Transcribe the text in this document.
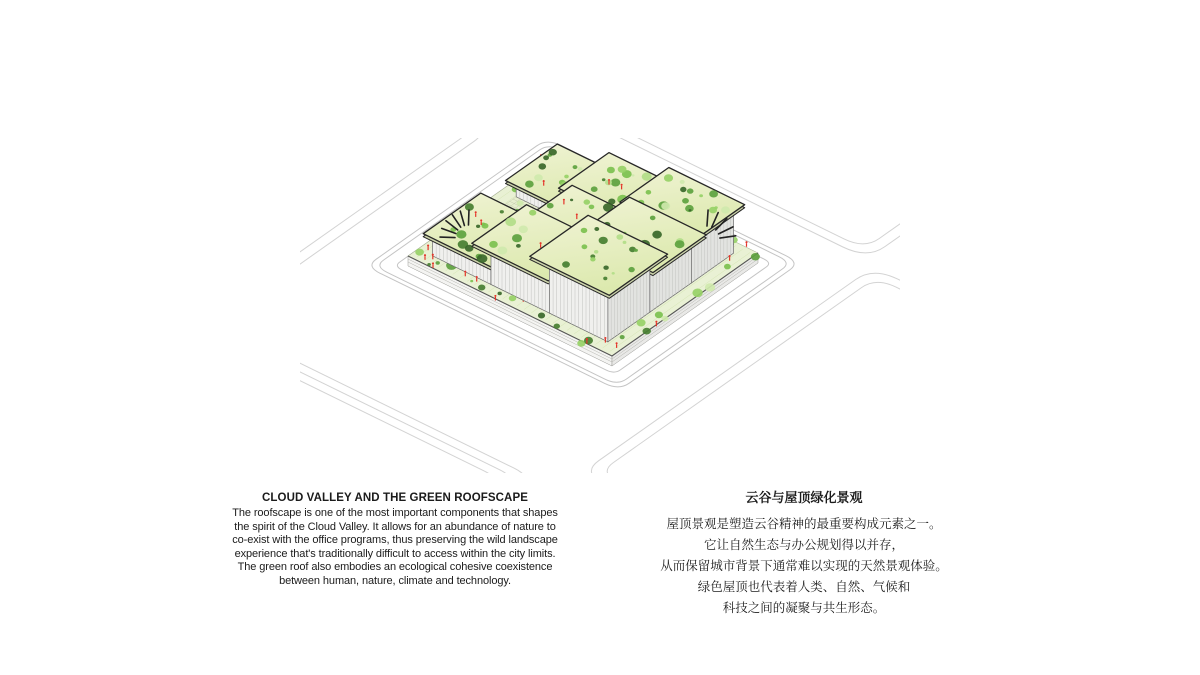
CLOUD VALLEY AND THE GREEN ROOFSCAPE
The roofscape is one of the most important components that shapes
the spirit of the Cloud Valley. It allows for an abundance of nature to
co-exist with the office programs, thus preserving the wild landscape
experience that's traditionally difficult to access within the city limits.
The green roof also embodies an ecological cohesive coexistence
between human, nature, climate and technology.
云谷与屋顶绿化景观
屋顶景观是塑造云谷精神的最重要构成元素之一。
它让自然生态与办公规划得以并存，
从而保留城市背景下通常难以实现的天然景观体验。
绿色屋顶也代表着人类、自然、气候和
科技之间的凝聚与共生形态。
